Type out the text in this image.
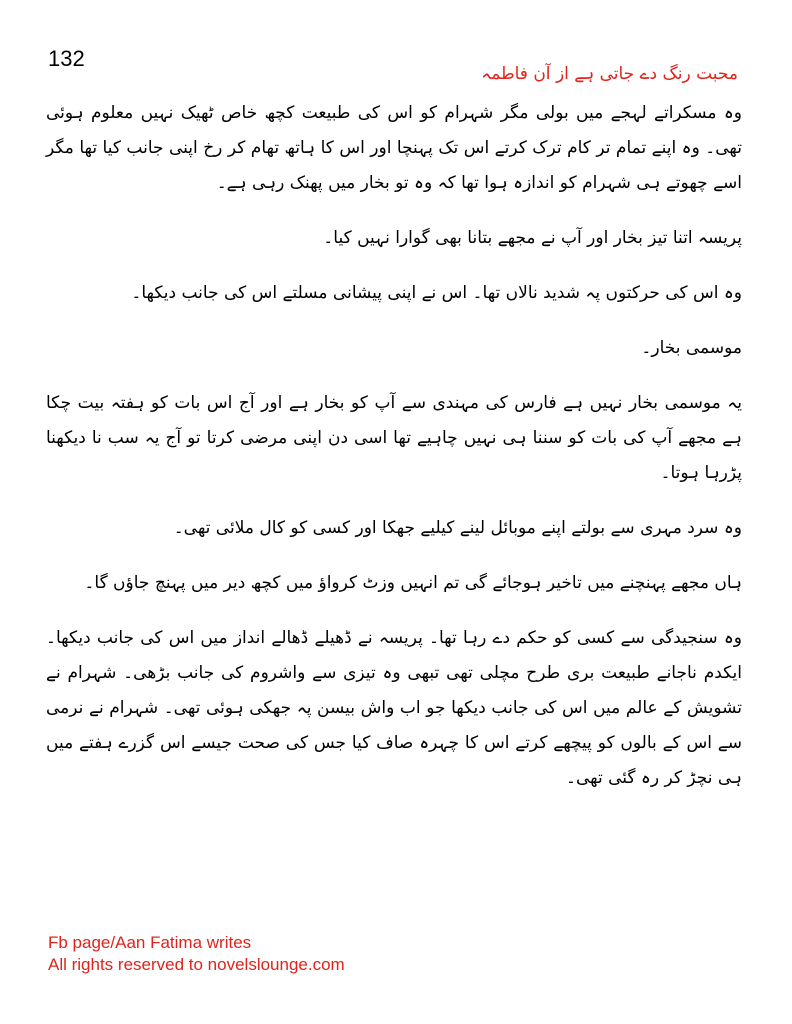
132
محبت رنگ دے جاتی ہے از آن فاطمہ

وہ مسکراتے لہجے میں بولی مگر شہرام کو اس کی طبیعت کچھ خاص ٹھیک نہیں معلوم ہوئی تھی۔ وہ اپنے تمام تر کام ترک کرتے اس تک پہنچا اور اس کا ہاتھ تھام کر رخ اپنی جانب کیا تھا مگر اسے چھوتے ہی شہرام کو اندازہ ہوا تھا کہ وہ تو بخار میں پھنک رہی ہے۔

پریسہ اتنا تیز بخار اور آپ نے مجھے بتانا بھی گوارا نہیں کیا۔

وہ اس کی حرکتوں پہ شدید نالاں تھا۔ اس نے اپنی پیشانی مسلتے اس کی جانب دیکھا۔

موسمی بخار۔

یہ موسمی بخار نہیں ہے فارس کی مہندی سے آپ کو بخار ہے اور آج اس بات کو ہفتہ بیت چکا ہے مجھے آپ کی بات کو سننا ہی نہیں چاہیے تھا اسی دن اپنی مرضی کرتا تو آج یہ سب نا دیکھنا پڑرہا ہوتا۔

وہ سرد مہری سے بولتے اپنے موبائل لینے کیلیے جھکا اور کسی کو کال ملائی تھی۔

ہاں مجھے پہنچنے میں تاخیر ہوجائے گی تم انہیں وزٹ کرواؤ میں کچھ دیر میں پہنچ جاؤں گا۔

وہ سنجیدگی سے کسی کو حکم دے رہا تھا۔ پریسہ نے ڈھیلے ڈھالے انداز میں اس کی جانب دیکھا۔ ایکدم ناجانے طبیعت بری طرح مچلی تھی تبھی وہ تیزی سے واشروم کی جانب بڑھی۔ شہرام نے تشویش کے عالم میں اس کی جانب دیکھا جو اب واش بیسن پہ جھکی ہوئی تھی۔ شہرام نے نرمی سے اس کے بالوں کو پیچھے کرتے اس کا چہرہ صاف کیا جس کی صحت جیسے اس گزرے ہفتے میں ہی نچڑ کر رہ گئی تھی۔

Fb page/Aan Fatima writes
All rights reserved to novelslounge.com
